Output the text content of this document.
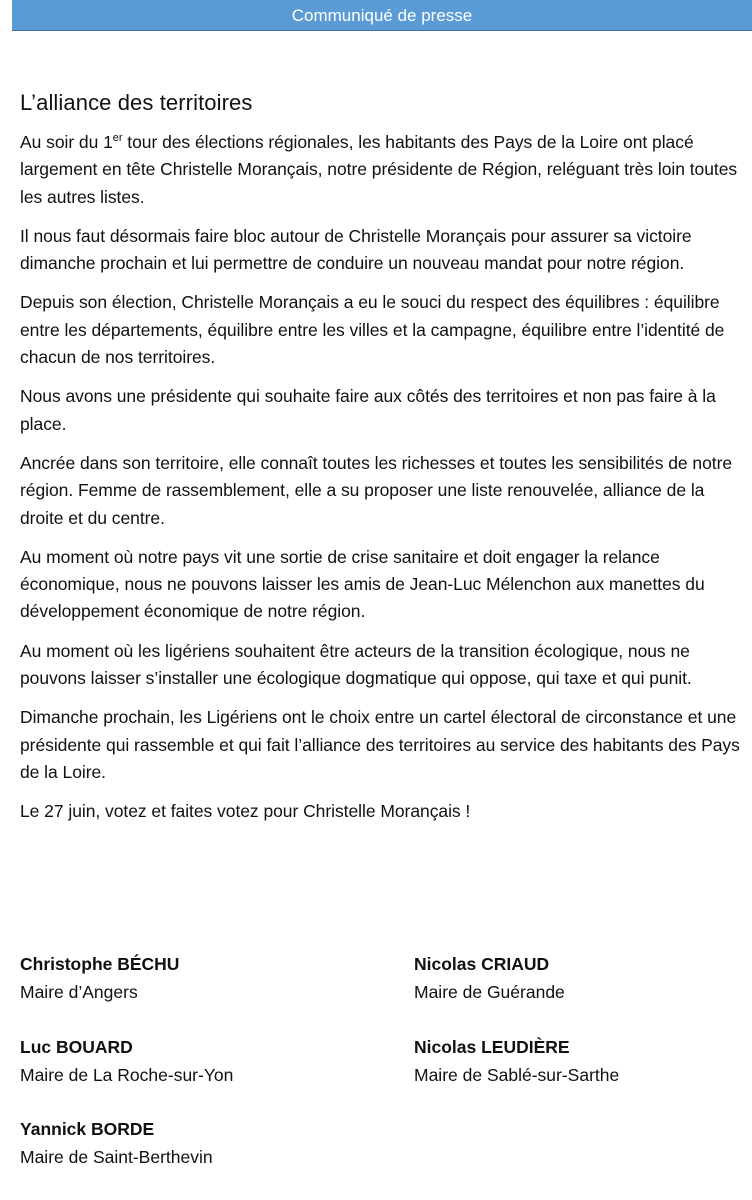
Communiqué de presse
L’alliance des territoires

Au soir du 1er tour des élections régionales, les habitants des Pays de la Loire ont placé largement en tête Christelle Morançais, notre présidente de Région, reléguant très loin toutes les autres listes.

Il nous faut désormais faire bloc autour de Christelle Morançais pour assurer sa victoire dimanche prochain et lui permettre de conduire un nouveau mandat pour notre région.

Depuis son élection, Christelle Morançais a eu le souci du respect des équilibres : équilibre entre les départements, équilibre entre les villes et la campagne, équilibre entre l’identité de chacun de nos territoires.

Nous avons une présidente qui souhaite faire aux côtés des territoires et non pas faire à la place.

Ancrée dans son territoire, elle connaît toutes les richesses et toutes les sensibilités de notre région. Femme de rassemblement, elle a su proposer une liste renouvelée, alliance de la droite et du centre.

Au moment où notre pays vit une sortie de crise sanitaire et doit engager la relance économique, nous ne pouvons laisser les amis de Jean-Luc Mélenchon aux manettes du développement économique de notre région.

Au moment où les ligériens souhaitent être acteurs de la transition écologique, nous ne pouvons laisser s’installer une écologique dogmatique qui oppose, qui taxe et qui punit.

Dimanche prochain, les Ligériens ont le choix entre un cartel électoral de circonstance et une présidente qui rassemble et qui fait l’alliance des territoires au service des habitants des Pays de la Loire.

Le 27 juin, votez et faites votez pour Christelle Morançais !

Christophe BÉCHU

Maire d’Angers

Nicolas CRIAUD

Maire de Guérande

Luc BOUARD

Maire de La Roche-sur-Yon

Nicolas LEUDIÈRE

Maire de Sablé-sur-Sarthe

Yannick BORDE

Maire de Saint-Berthevin
